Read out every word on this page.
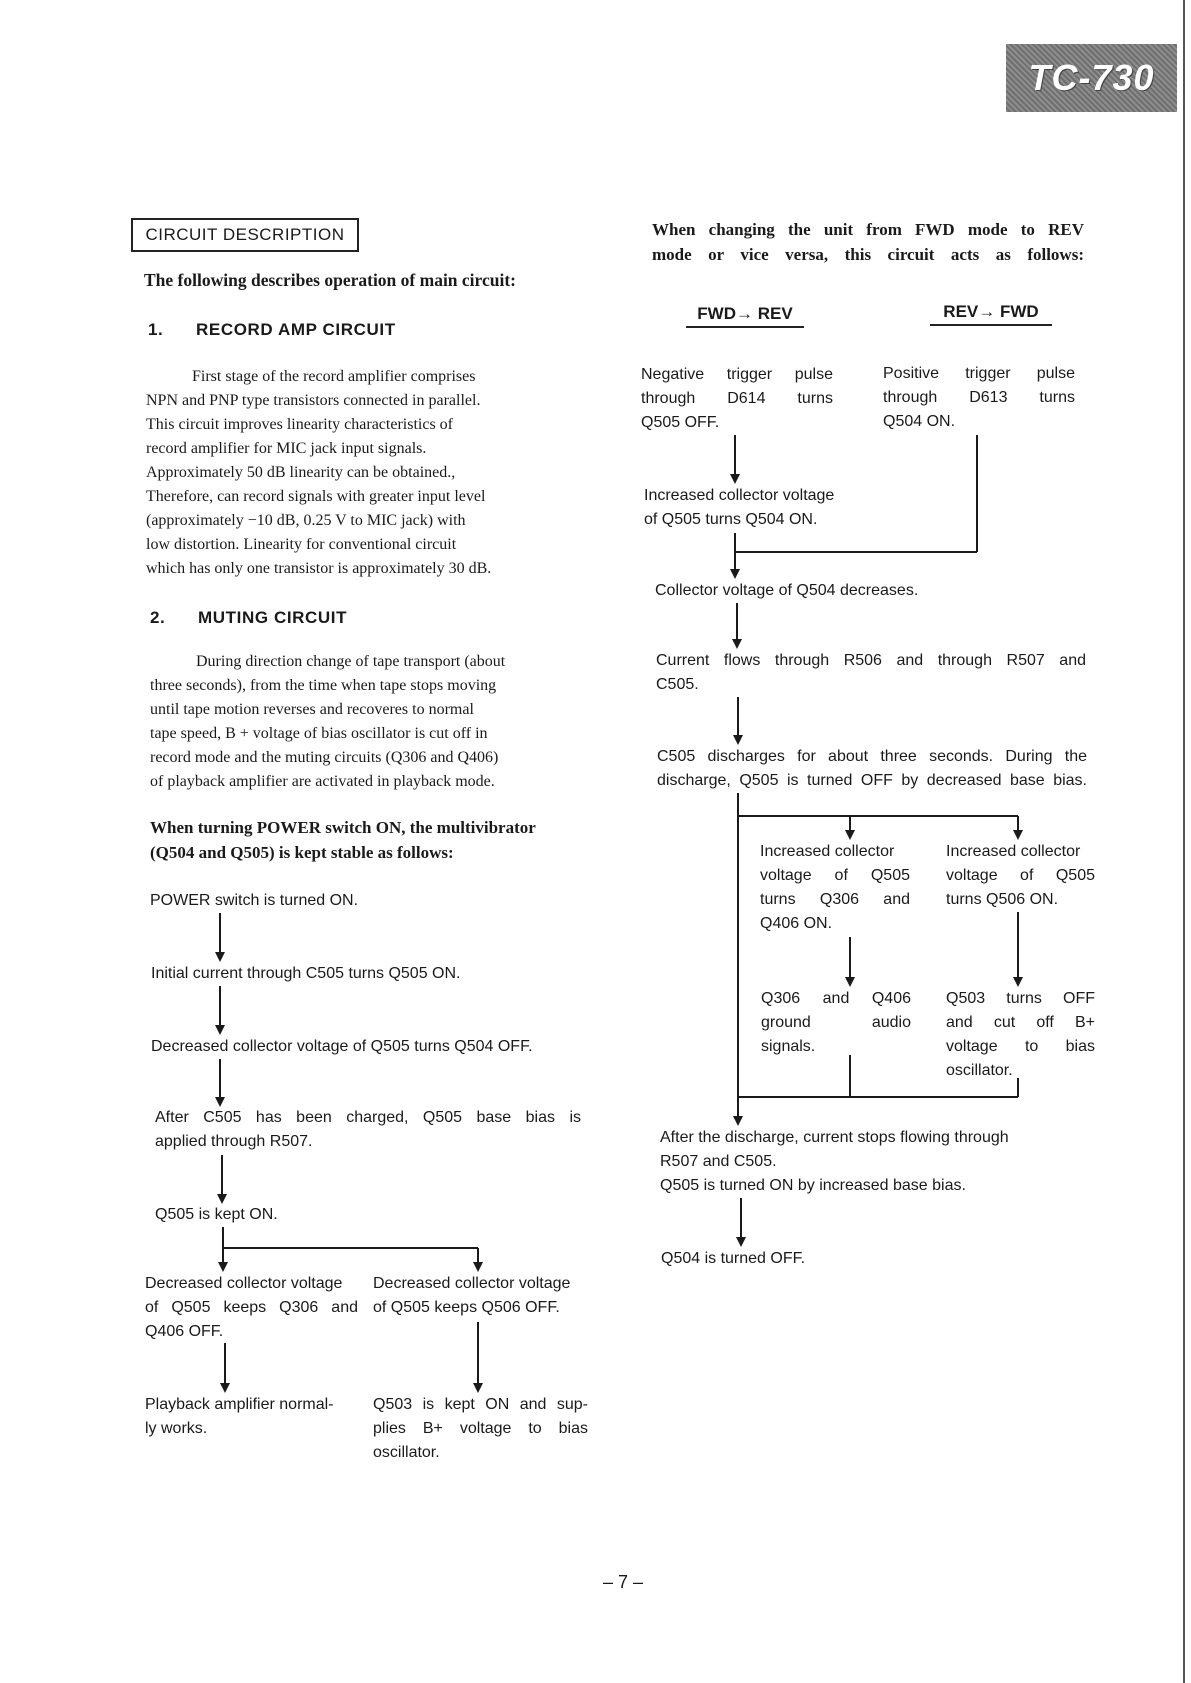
TC-730
CIRCUIT DESCRIPTION

The following describes operation of main circuit:

1. RECORD AMP CIRCUIT
First stage of the record amplifier comprises
NPN and PNP type transistors connected in parallel.
This circuit improves linearity characteristics of
record amplifier for MIC jack input signals.
Approximately 50 dB linearity can be obtained.,
Therefore, can record signals with greater input level
(approximately −10 dB, 0.25 V to MIC jack) with
low distortion. Linearity for conventional circuit
which has only one transistor is approximately 30 dB.
2. MUTING CIRCUIT
During direction change of tape transport (about
three seconds), from the time when tape stops moving
until tape motion reverses and recoveres to normal
tape speed, B + voltage of bias oscillator is cut off in
record mode and the muting circuits (Q306 and Q406)
of playback amplifier are activated in playback mode.
When turning POWER switch ON, the multivibrator
(Q504 and Q505) is kept stable as follows:
POWER switch is turned ON.
Initial current through C505 turns Q505 ON.
Decreased collector voltage of Q505 turns Q504 OFF.
After C505 has been charged, Q505 base bias is
applied through R507.
Q505 is kept ON.
Decreased collector voltage
of Q505 keeps Q306 and
Q406 OFF.
Decreased collector voltage
of Q505 keeps Q506 OFF.
Playback amplifier normal-
ly works.
Q503 is kept ON and sup-
plies B+ voltage to bias
oscillator.
When changing the unit from FWD mode to REV
mode or vice versa, this circuit acts as follows:
FWD→ REV	REV→ FWD
Negative trigger pulse
through D614 turns
Q505 OFF.
Positive trigger pulse
through D613 turns
Q504 ON.
Increased collector voltage
of Q505 turns Q504 ON.
Collector voltage of Q504 decreases.
Current flows through R506 and through R507 and
C505.
C505 discharges for about three seconds. During the
discharge, Q505 is turned OFF by decreased base bias.
Increased collector
voltage of Q505
turns Q306 and
Q406 ON.
Increased collector
voltage of Q505
turns Q506 ON.
Q306 and Q406
ground audio
signals.
Q503 turns OFF
and cut off B+
voltage to bias
oscillator.
After the discharge, current stops flowing through
R507 and C505.
Q505 is turned ON by increased base bias.
Q504 is turned OFF.
– 7 –
